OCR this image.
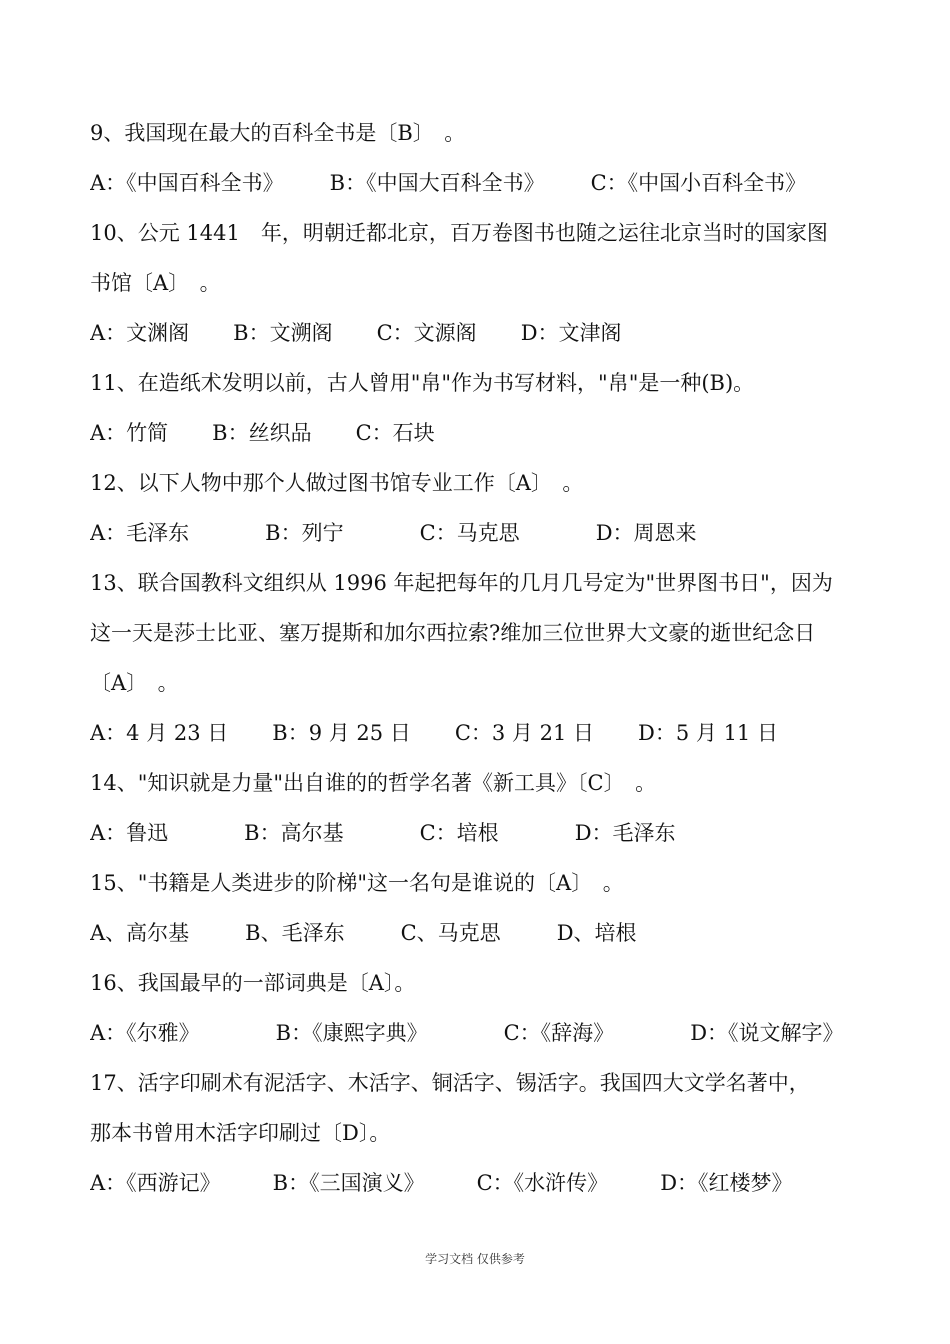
9、我国现在最大的百科全书是〔B〕　。
A：《中国百科全书》 B：《中国大百科全书》 C：《中国小百科全书》
10、公元 1441　年，明朝迁都北京，百万卷图书也随之运往北京当时的国家图
书馆〔A〕　。
A：文渊阁 B：文溯阁 C：文源阁 D：文津阁
11、在造纸术发明以前，古人曾用"帛"作为书写材料，"帛"是一种(B)。
A：竹简 B：丝织品 C：石块
12、以下人物中那个人做过图书馆专业工作〔A〕　。
A：毛泽东	B：列宁	C：马克思	D：周恩来
13、联合国教科文组织从 1996 年起把每年的几月几号定为"世界图书日"，因为
这一天是莎士比亚、塞万提斯和加尔西拉索?维加三位世界大文豪的逝世纪念日
〔A〕　。
A：4 月 23 日 B：9 月 25 日 C：3 月 21 日 D：5 月 11 日
14、"知识就是力量"出自谁的的哲学名著《新工具》〔C〕　。
A：鲁迅	B：高尔基	C：培根	D：毛泽东
15、"书籍是人类进步的阶梯"这一名句是谁说的〔A〕　。
A、高尔基	B、毛泽东	C、马克思	D、培根
16、我国最早的一部词典是〔A〕。
A：《尔雅》	B：《康熙字典》	C：《辞海》	D：《说文解字》
17、活字印刷术有泥活字、木活字、铜活字、锡活字。我国四大文学名著中，
那本书曾用木活字印刷过〔D〕。
A：《西游记》 B：《三国演义》 C：《水浒传》 D：《红楼梦》
学习文档 仅供参考
